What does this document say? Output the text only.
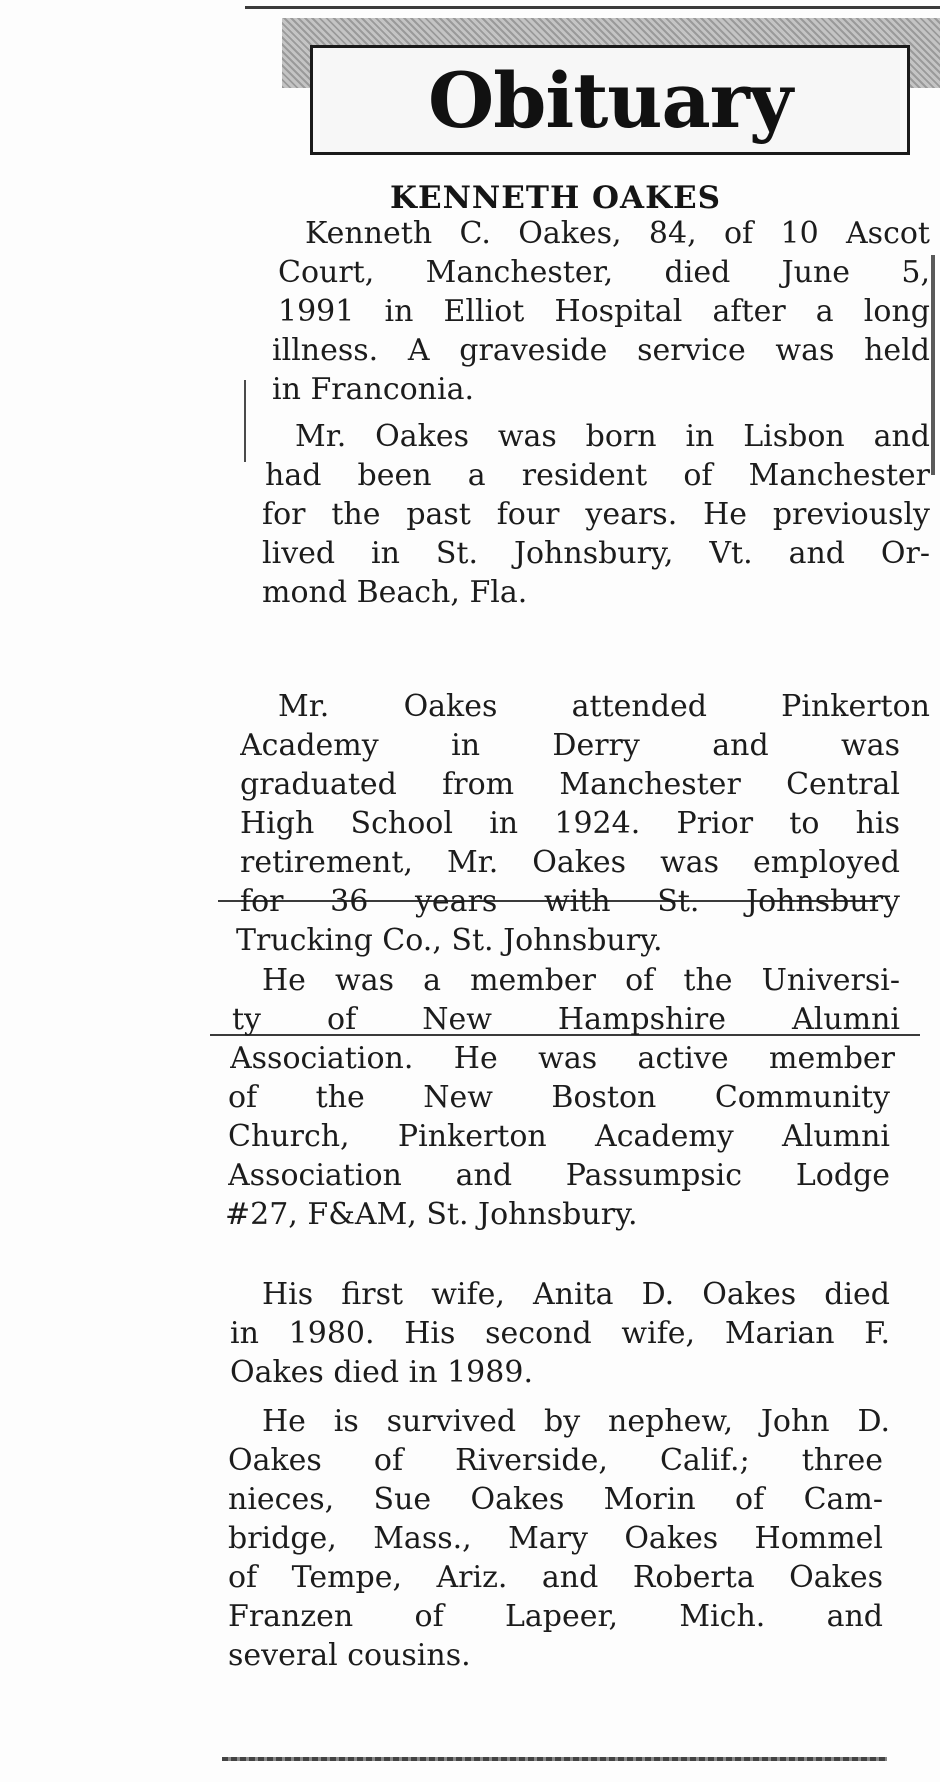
Obituary
KENNETH OAKES
Kenneth C. Oakes, 84, of 10 Ascot
Court, Manchester, died June 5,
1991 in Elliot Hospital after a long
illness. A graveside service was held
in Franconia.
Mr. Oakes was born in Lisbon and
had been a resident of Manchester
for the past four years. He previously
lived in St. Johnsbury, Vt. and Or-
mond Beach, Fla.
Mr. Oakes attended Pinkerton
Academy in Derry and was
graduated from Manchester Central
High School in 1924. Prior to his
retirement, Mr. Oakes was employed
for 36 years with St. Johnsbury
Trucking Co., St. Johnsbury.
He was a member of the Universi-
ty of New Hampshire Alumni
Association. He was active member
of the New Boston Community
Church, Pinkerton Academy Alumni
Association and Passumpsic Lodge
#27, F&AM, St. Johnsbury.
His first wife, Anita D. Oakes died
in 1980. His second wife, Marian F.
Oakes died in 1989.
He is survived by nephew, John D.
Oakes of Riverside, Calif.; three
nieces, Sue Oakes Morin of Cam-
bridge, Mass., Mary Oakes Hommel
of Tempe, Ariz. and Roberta Oakes
Franzen of Lapeer, Mich. and
several cousins.
